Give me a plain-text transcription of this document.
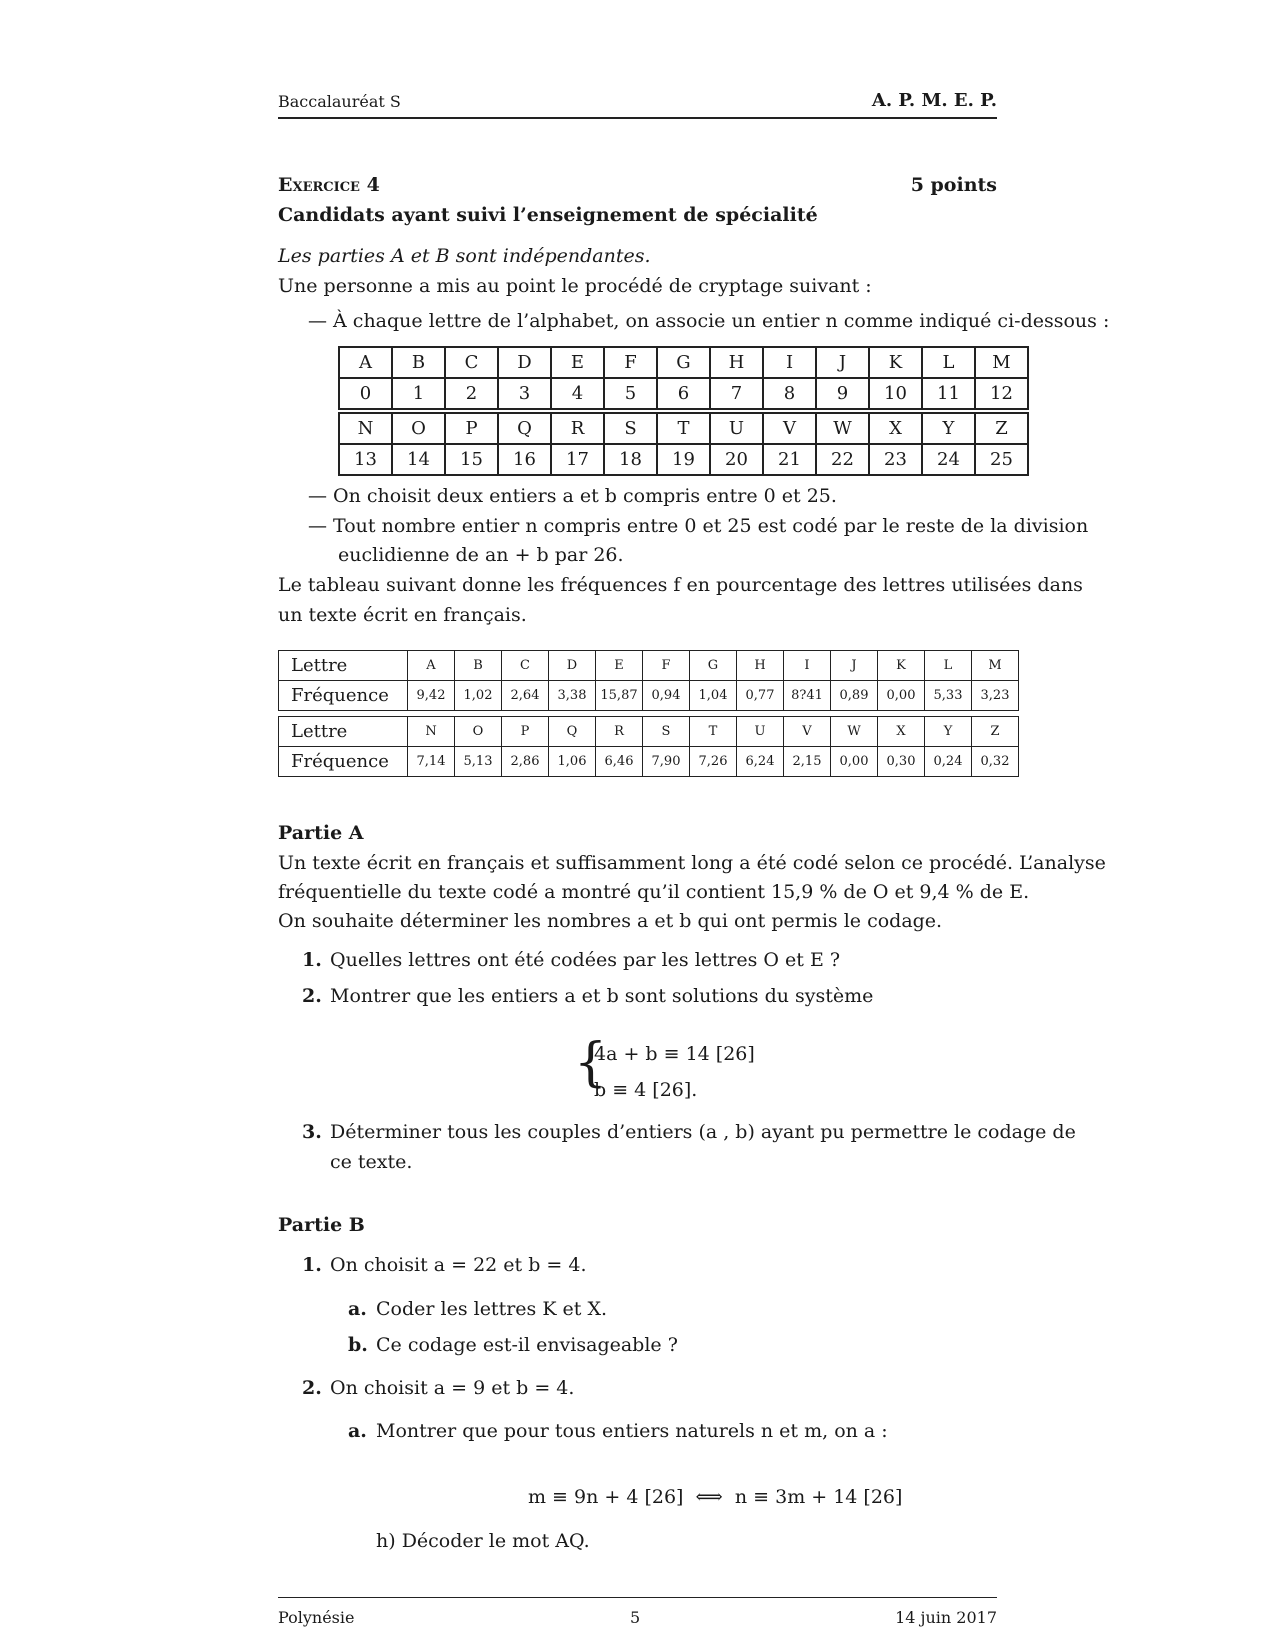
Baccalauréat S	A. P. M. E. P.
Exercice 4	5 points
Candidats ayant suivi l’enseignement de spécialité
Les parties A et B sont indépendantes.
Une personne a mis au point le procédé de cryptage suivant :
— À chaque lettre de l’alphabet, on associe un entier n comme indiqué ci-dessous :
A	B	C	D	E	F	G	H	I	J	K	L	M
0	1	2	3	4	5	6	7	8	9	10	11	12
N	O	P	Q	R	S	T	U	V	W	X	Y	Z
13	14	15	16	17	18	19	20	21	22	23	24	25
— On choisit deux entiers a et b compris entre 0 et 25.
— Tout nombre entier n compris entre 0 et 25 est codé par le reste de la division
euclidienne de an + b par 26.
Le tableau suivant donne les fréquences f en pourcentage des lettres utilisées dans
un texte écrit en français.
Lettre	A	B	C	D	E	F	G	H	I	J	K	L	M
Fréquence	9,42	1,02	2,64	3,38	15,87	0,94	1,04	0,77	8?41	0,89	0,00	5,33	3,23
Lettre	N	O	P	Q	R	S	T	U	V	W	X	Y	Z
Fréquence	7,14	5,13	2,86	1,06	6,46	7,90	7,26	6,24	2,15	0,00	0,30	0,24	0,32
Partie A
Un texte écrit en français et suffisamment long a été codé selon ce procédé. L’analyse
fréquentielle du texte codé a montré qu’il contient 15,9 % de O et 9,4 % de E.
On souhaite déterminer les nombres a et b qui ont permis le codage.
1. Quelles lettres ont été codées par les lettres O et E ?
2. Montrer que les entiers a et b sont solutions du système
{
4a + b ≡ 14 [26]
b ≡ 4 [26].
3. Déterminer tous les couples d’entiers (a , b) ayant pu permettre le codage de
ce texte.
Partie B
1. On choisit a = 22 et b = 4.
a. Coder les lettres K et X.
b. Ce codage est-il envisageable ?
2. On choisit a = 9 et b = 4.
a. Montrer que pour tous entiers naturels n et m, on a :
m ≡ 9n + 4 [26]  ⟺  n ≡ 3m + 14 [26]
h) Décoder le mot AQ.
Polynésie	5	14 juin 2017
